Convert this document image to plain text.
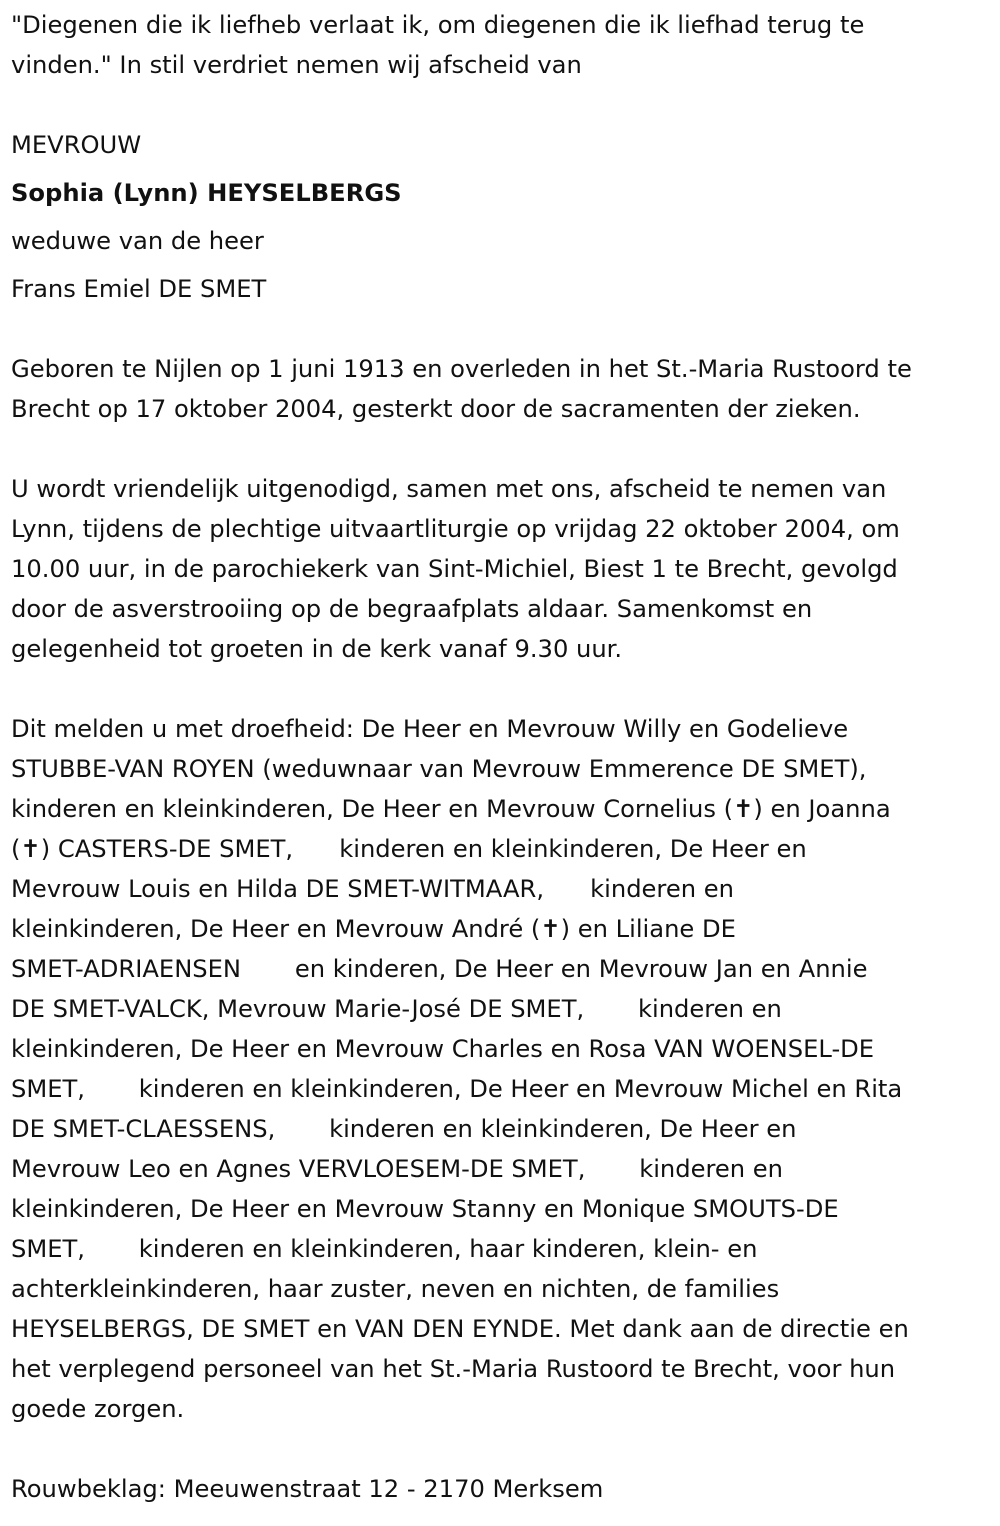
"Diegenen die ik liefheb verlaat ik, om diegenen die ik liefhad terug te
vinden." In stil verdriet nemen wij afscheid van
MEVROUW
Sophia (Lynn) HEYSELBERGS
weduwe van de heer
Frans Emiel DE SMET
Geboren te Nijlen op 1 juni 1913 en overleden in het St.-Maria Rustoord te
Brecht op 17 oktober 2004, gesterkt door de sacramenten der zieken.
U wordt vriendelijk uitgenodigd, samen met ons, afscheid te nemen van
Lynn, tijdens de plechtige uitvaartliturgie op vrijdag 22 oktober 2004, om
10.00 uur, in de parochiekerk van Sint-Michiel, Biest 1 te Brecht, gevolgd
door de asverstrooiing op de begraafplats aldaar. Samenkomst en
gelegenheid tot groeten in de kerk vanaf 9.30 uur.
Dit melden u met droefheid: De Heer en Mevrouw Willy en Godelieve
STUBBE-VAN ROYEN (weduwnaar van Mevrouw Emmerence DE SMET),
kinderen en kleinkinderen, De Heer en Mevrouw Cornelius (✝) en Joanna
(✝) CASTERS-DE SMET,      kinderen en kleinkinderen, De Heer en
Mevrouw Louis en Hilda DE SMET-WITMAAR,      kinderen en
kleinkinderen, De Heer en Mevrouw André (✝) en Liliane DE
SMET-ADRIAENSEN       en kinderen, De Heer en Mevrouw Jan en Annie
DE SMET-VALCK, Mevrouw Marie-José DE SMET,       kinderen en
kleinkinderen, De Heer en Mevrouw Charles en Rosa VAN WOENSEL-DE
SMET,       kinderen en kleinkinderen, De Heer en Mevrouw Michel en Rita
DE SMET-CLAESSENS,       kinderen en kleinkinderen, De Heer en
Mevrouw Leo en Agnes VERVLOESEM-DE SMET,       kinderen en
kleinkinderen, De Heer en Mevrouw Stanny en Monique SMOUTS-DE
SMET,       kinderen en kleinkinderen, haar kinderen, klein- en
achterkleinkinderen, haar zuster, neven en nichten, de families
HEYSELBERGS, DE SMET en VAN DEN EYNDE. Met dank aan de directie en
het verplegend personeel van het St.-Maria Rustoord te Brecht, voor hun
goede zorgen.
Rouwbeklag: Meeuwenstraat 12 - 2170 Merksem
